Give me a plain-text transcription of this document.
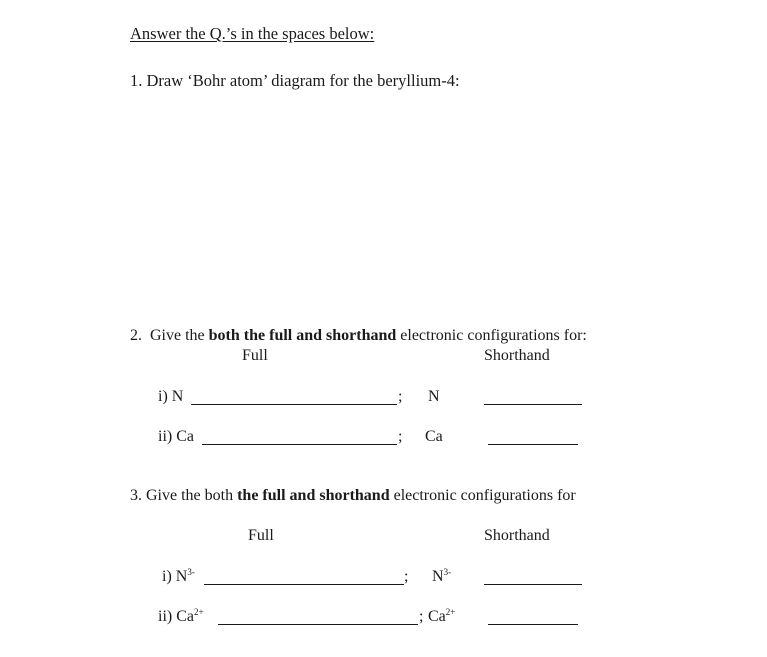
Answer the Q.’s in the spaces below:
1. Draw ‘Bohr atom’ diagram for the beryllium-4:
2. Give the both the full and shorthand electronic configurations for:
Full	Shorthand
i) N	; N
ii) Ca	; Ca
3. Give the both the full and shorthand electronic configurations for
Full	Shorthand
i) $N^{3-}$	; $N^{3-}$
ii) $Ca^{2+}$	; $Ca^{2+}$
